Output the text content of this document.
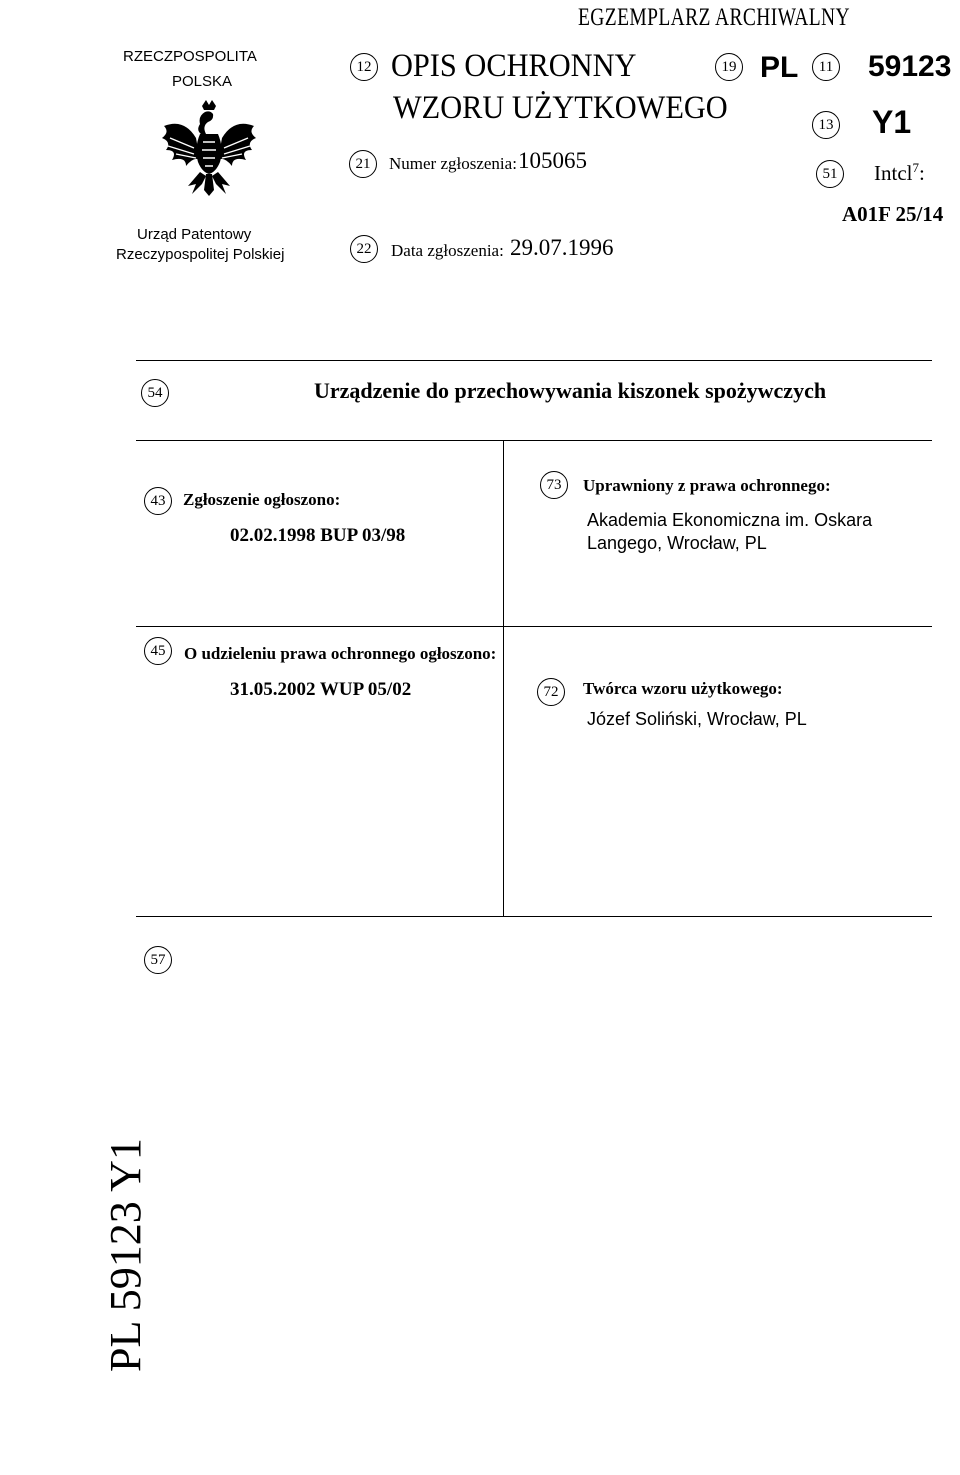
EGZEMPLARZ ARCHIWALNY
RZECZPOSPOLITA
POLSKA
Urząd Patentowy
Rzeczypospolitej Polskiej
12 OPIS OCHRONNY
WZORU UŻYTKOWEGO
19 PL	11 59123
13 Y1
21	Numer zgłoszenia: 105065
51	Intcl$^7$:
A01F 25/14
22	Data zgłoszenia: 29.07.1996
54	Urządzenie do przechowywania kiszonek spożywczych
43	Zgłoszenie ogłoszono:
02.02.1998 BUP 03/98
73	Uprawniony z prawa ochronnego:
Akademia Ekonomiczna im. Oskara
Langego, Wrocław, PL
45	O udzieleniu prawa ochronnego ogłoszono:
31.05.2002 WUP 05/02	72	Twórca wzoru użytkowego:
Józef Soliński, Wrocław, PL
57
PL 59123 Y1
